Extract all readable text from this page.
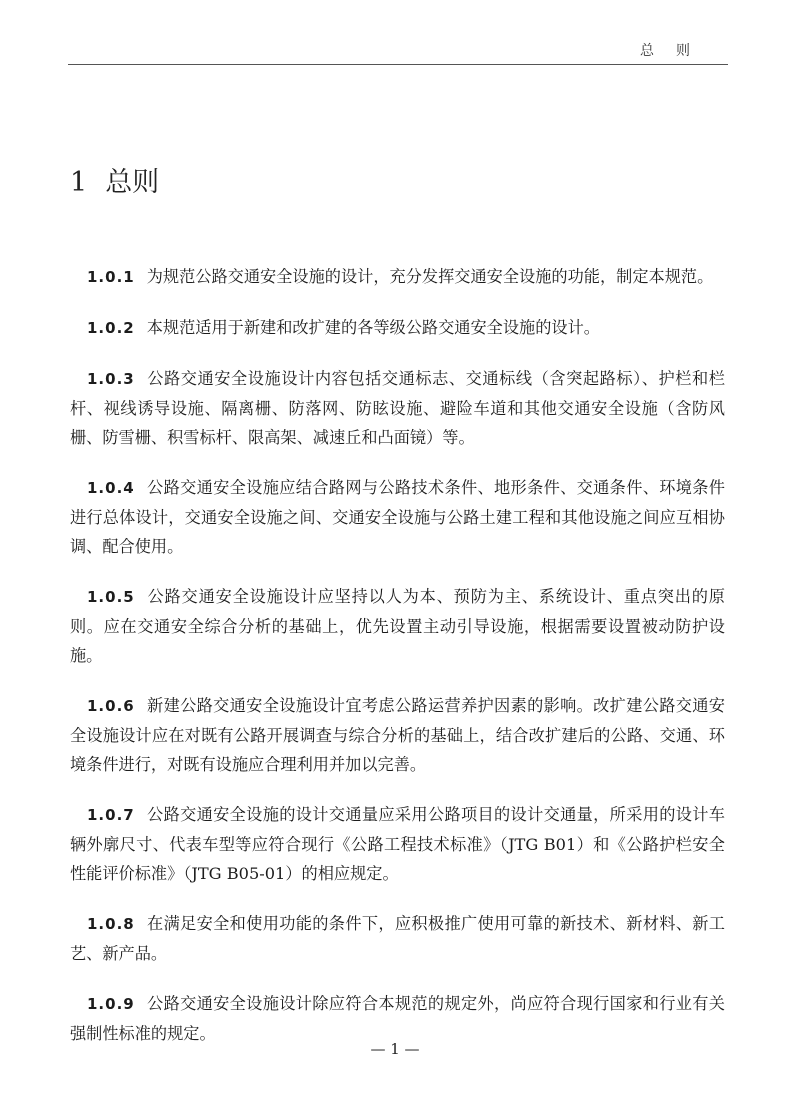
总则
1 总则

1.0.1 为规范公路交通安全设施的设计，充分发挥交通安全设施的功能，制定本规范。

1.0.2 本规范适用于新建和改扩建的各等级公路交通安全设施的设计。

1.0.3 公路交通安全设施设计内容包括交通标志、交通标线（含突起路标）、护栏和栏杆、视线诱导设施、隔离栅、防落网、防眩设施、避险车道和其他交通安全设施（含防风栅、防雪栅、积雪标杆、限高架、减速丘和凸面镜）等。

1.0.4 公路交通安全设施应结合路网与公路技术条件、地形条件、交通条件、环境条件进行总体设计，交通安全设施之间、交通安全设施与公路土建工程和其他设施之间应互相协调、配合使用。

1.0.5 公路交通安全设施设计应坚持以人为本、预防为主、系统设计、重点突出的原则。应在交通安全综合分析的基础上，优先设置主动引导设施，根据需要设置被动防护设施。

1.0.6 新建公路交通安全设施设计宜考虑公路运营养护因素的影响。改扩建公路交通安全设施设计应在对既有公路开展调查与综合分析的基础上，结合改扩建后的公路、交通、环境条件进行，对既有设施应合理利用并加以完善。

1.0.7 公路交通安全设施的设计交通量应采用公路项目的设计交通量，所采用的设计车辆外廓尺寸、代表车型等应符合现行《公路工程技术标准》（JTG B01）和《公路护栏安全性能评价标准》（JTG B05-01）的相应规定。

1.0.8 在满足安全和使用功能的条件下，应积极推广使用可靠的新技术、新材料、新工艺、新产品。

1.0.9 公路交通安全设施设计除应符合本规范的规定外，尚应符合现行国家和行业有关强制性标准的规定。

— 1 —
